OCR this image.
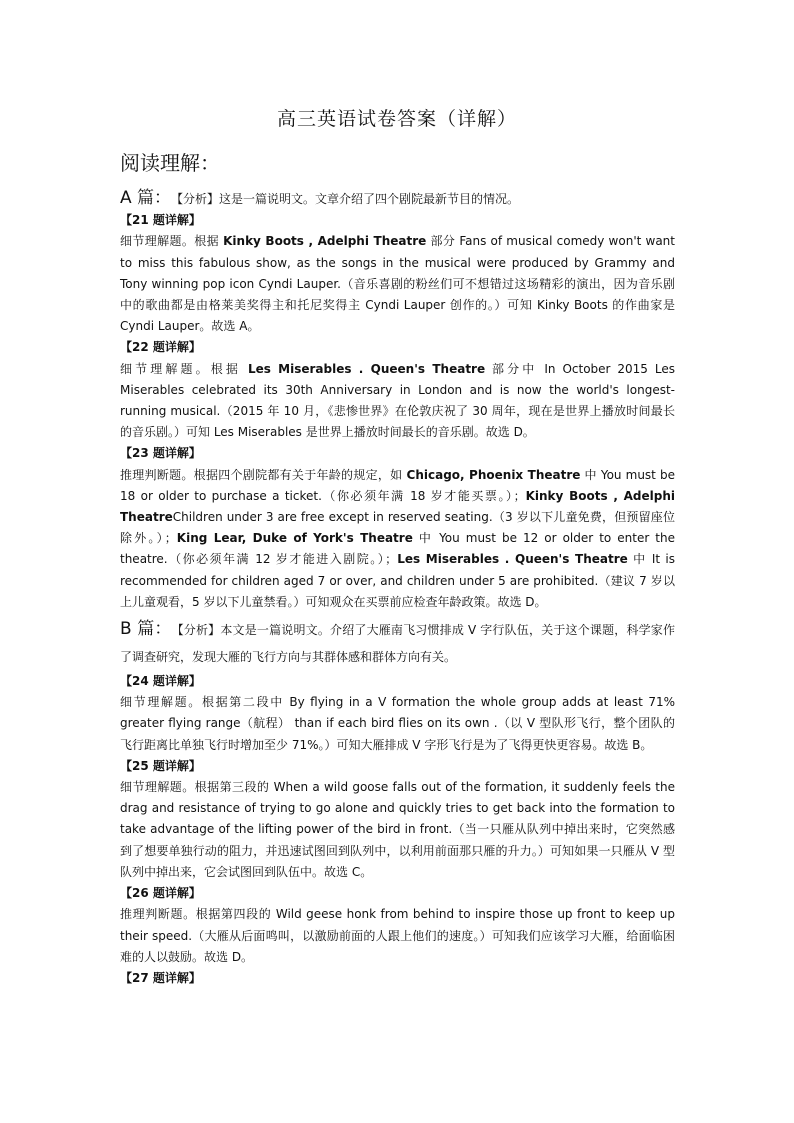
高三英语试卷答案（详解）
阅读理解：

A 篇： 【分析】这是一篇说明文。文章介绍了四个剧院最新节目的情况。

【21 题详解】

细节理解题。根据 Kinky Boots , Adelphi Theatre 部分 Fans of musical comedy won't want to miss this fabulous show, as the songs in the musical were produced by Grammy and Tony winning pop icon Cyndi Lauper.（音乐喜剧的粉丝们可不想错过这场精彩的演出，因为音乐剧中的歌曲都是由格莱美奖得主和托尼奖得主 Cyndi Lauper 创作的。）可知 Kinky Boots 的作曲家是 Cyndi Lauper。故选 A。

【22 题详解】

细节理解题。根据 Les Miserables . Queen's Theatre 部分中 In October 2015 Les Miserables celebrated its 30th Anniversary in London and is now the world's longest-running musical.（2015 年 10 月，《悲惨世界》在伦敦庆祝了 30 周年，现在是世界上播放时间最长的音乐剧。）可知 Les Miserables 是世界上播放时间最长的音乐剧。故选 D。

【23 题详解】

推理判断题。根据四个剧院都有关于年龄的规定，如 Chicago, Phoenix Theatre 中 You must be 18 or older to purchase a ticket.（你必须年满 18 岁才能买票。）；Kinky Boots , Adelphi TheatreChildren under 3 are free except in reserved seating.（3 岁以下儿童免费，但预留座位除外。）；King Lear, Duke of York's Theatre 中 You must be 12 or older to enter the theatre.（你必须年满 12 岁才能进入剧院。）；Les Miserables . Queen's Theatre 中 It is recommended for children aged 7 or over, and children under 5 are prohibited.（建议 7 岁以上儿童观看，5 岁以下儿童禁看。）可知观众在买票前应检查年龄政策。故选 D。

B 篇： 【分析】本文是一篇说明文。介绍了大雁南飞习惯排成 V 字行队伍，关于这个课题，科学家作了调查研究，发现大雁的飞行方向与其群体感和群体方向有关。

【24 题详解】

细节理解题。根据第二段中 By flying in a V formation the whole group adds at least 71% greater flying range（航程） than if each bird flies on its own .（以 V 型队形飞行，整个团队的飞行距离比单独飞行时增加至少 71%。）可知大雁排成 V 字形飞行是为了飞得更快更容易。故选 B。

【25 题详解】

细节理解题。根据第三段的 When a wild goose falls out of the formation, it suddenly feels the drag and resistance of trying to go alone and quickly tries to get back into the formation to take advantage of the lifting power of the bird in front.（当一只雁从队列中掉出来时，它突然感到了想要单独行动的阻力，并迅速试图回到队列中，以利用前面那只雁的升力。）可知如果一只雁从 V 型队列中掉出来，它会试图回到队伍中。故选 C。

【26 题详解】

推理判断题。根据第四段的 Wild geese honk from behind to inspire those up front to keep up their speed.（大雁从后面鸣叫，以激励前面的人跟上他们的速度。）可知我们应该学习大雁，给面临困难的人以鼓励。故选 D。

【27 题详解】
